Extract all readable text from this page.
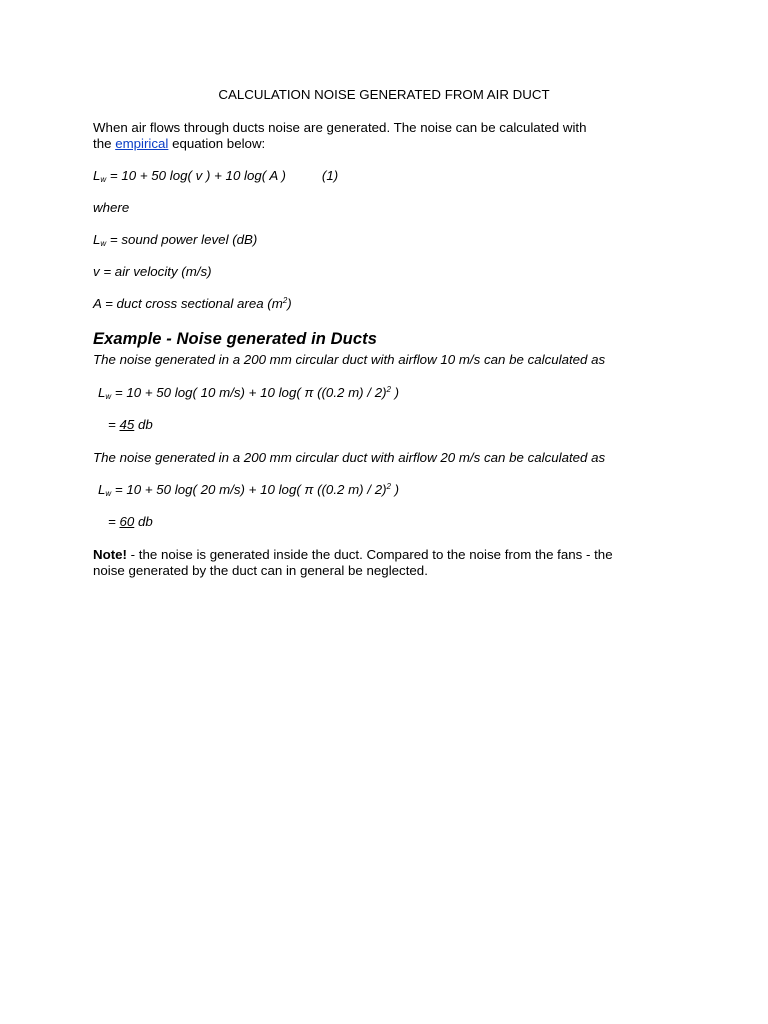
CALCULATION NOISE GENERATED FROM AIR DUCT
When air flows through ducts noise are generated. The noise can be calculated with
the empirical equation below:
$L_w = 10 + 50$ log( v ) + 10 log( A )	(1)
where
$L_w$ = sound power level (dB)
v = air velocity (m/s)
A = duct cross sectional area $(m^2)$
Example - Noise generated in Ducts
The noise generated in a 200 mm circular duct with airflow 10 m/s can be calculated as
$L_w = 10 + 50$ log( 10 m/s) + 10 log( π ((0.2 m) / 2)$^2$ )
= 45 db
The noise generated in a 200 mm circular duct with airflow 20 m/s can be calculated as
$L_w = 10 + 50$ log( 20 m/s) + 10 log( π ((0.2 m) / 2)$^2$ )
= 60 db
Note! - the noise is generated inside the duct. Compared to the noise from the fans - the
noise generated by the duct can in general be neglected.
